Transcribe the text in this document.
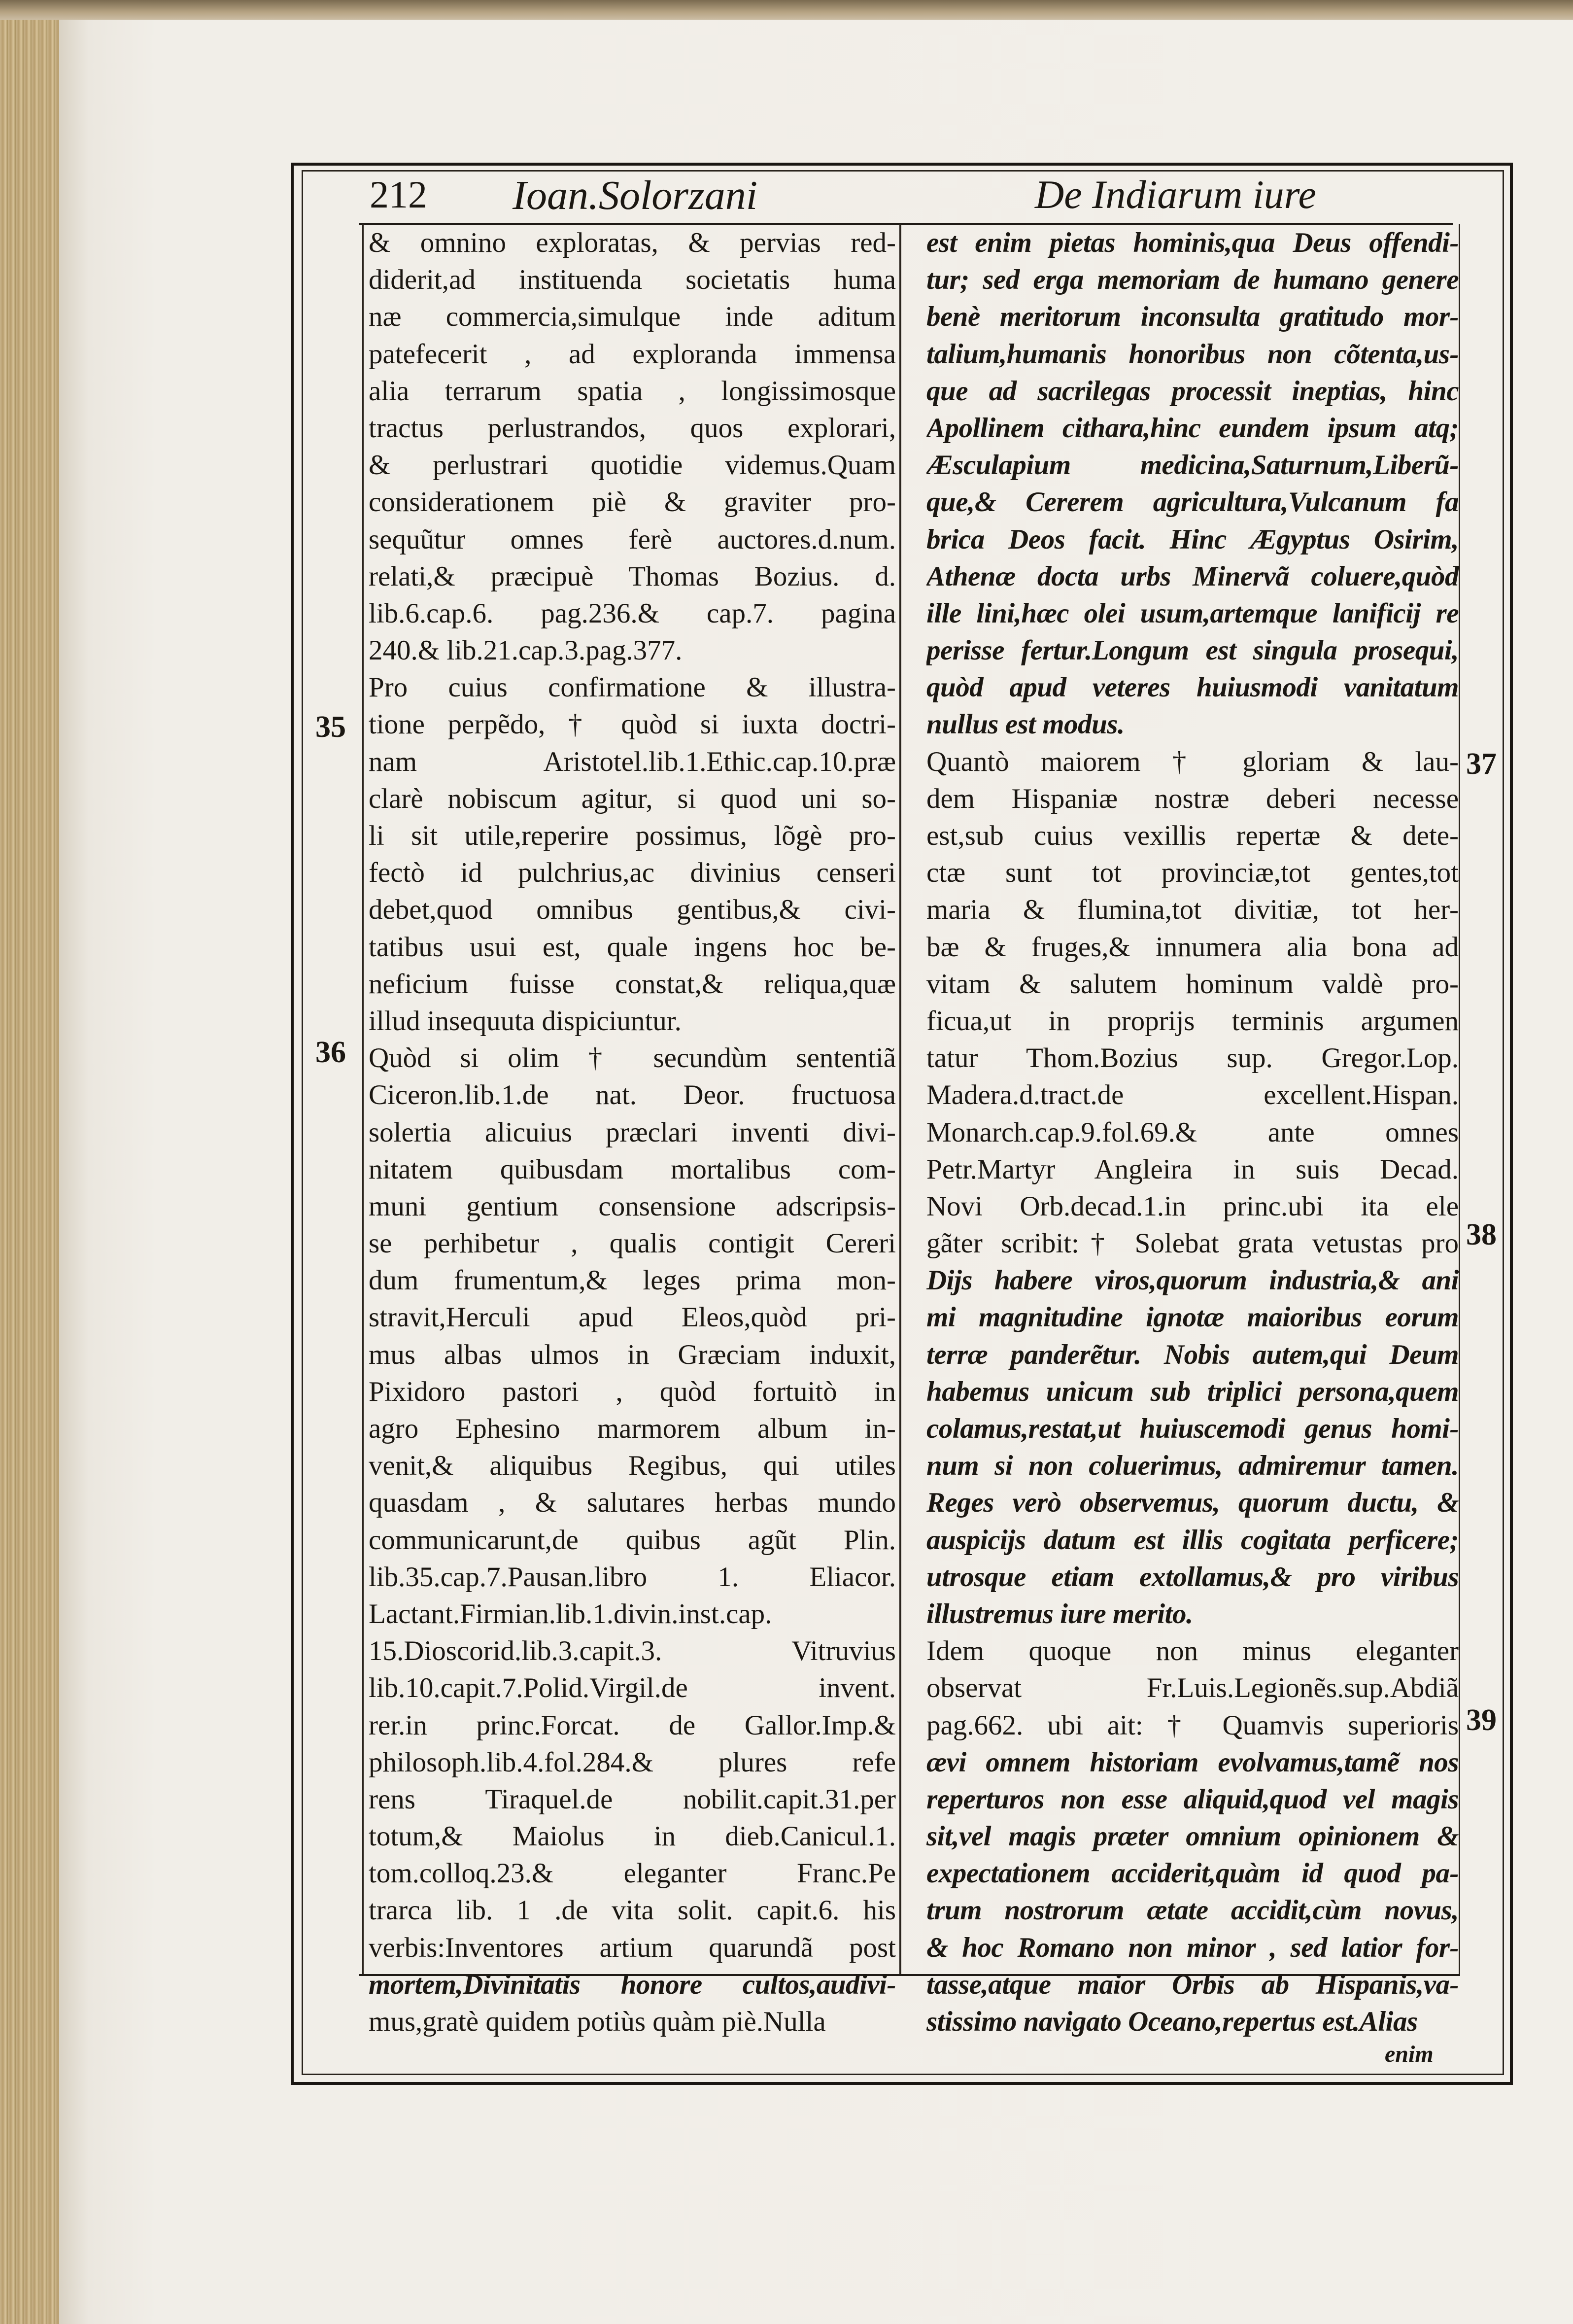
212 Ioan.Solorzani	De Indiarum iure
& omnino exploratas, & pervias red-
diderit,ad instituenda societatis huma
næ commercia,simulque inde aditum
patefecerit , ad exploranda immensa
alia terrarum spatia , longissimosque
tractus perlustrandos, quos explorari,
& perlustrari quotidie videmus.Quam
considerationem piè & graviter pro-
sequũtur omnes ferè auctores.d.num.
relati,& præcipuè Thomas Bozius. d.
lib.6.cap.6. pag.236.& cap.7. pagina
240.& lib.21.cap.3.pag.377.
Pro cuius confirmatione & illustra-
tione perpẽdo, † quòd si iuxta doctri-
nam Aristotel.lib.1.Ethic.cap.10.præ
clarè nobiscum agitur, si quod uni so-
li sit utile,reperire possimus, lõgè pro-
fectò id pulchrius,ac divinius censeri
debet,quod omnibus gentibus,& civi-
tatibus usui est, quale ingens hoc be-
neficium fuisse constat,& reliqua,quæ
illud insequuta dispiciuntur.
Quòd si olim † secundùm sententiã
Ciceron.lib.1.de nat. Deor. fructuosa
solertia alicuius præclari inventi divi-
nitatem quibusdam mortalibus com-
muni gentium consensione adscripsis-
se perhibetur , qualis contigit Cereri
dum frumentum,& leges prima mon-
stravit,Herculi apud Eleos,quòd pri-
mus albas ulmos in Græciam induxit,
Pixidoro pastori , quòd fortuitò in
agro Ephesino marmorem album in-
venit,& aliquibus Regibus, qui utiles
quasdam , & salutares herbas mundo
communicarunt,de quibus agũt Plin.
lib.35.cap.7.Pausan.libro 1. Eliacor.
Lactant.Firmian.lib.1.divin.inst.cap.
15.Dioscorid.lib.3.capit.3. Vitruvius
lib.10.capit.7.Polid.Virgil.de invent.
rer.in princ.Forcat. de Gallor.Imp.&
philosoph.lib.4.fol.284.& plures refe
rens Tiraquel.de nobilit.capit.31.per
totum,& Maiolus in dieb.Canicul.1.
tom.colloq.23.& eleganter Franc.Pe
trarca lib. 1 .de vita solit. capit.6. his
verbis:Inventores artium quarundã post
mortem,Divinitatis honore cultos,audivi-
mus,gratè quidem potiùs quàm piè.Nulla
est enim pietas hominis,qua Deus offendi-
tur; sed erga memoriam de humano genere
benè meritorum inconsulta gratitudo mor-
talium,humanis honoribus non cõtenta,us-
que ad sacrilegas processit ineptias, hinc
Apollinem cithara,hinc eundem ipsum atq;
Æsculapium medicina,Saturnum,Liberũ-
que,& Cererem agricultura,Vulcanum fa
brica Deos facit. Hinc Ægyptus Osirim,
Athenæ docta urbs Minervã coluere,quòd
ille lini,hæc olei usum,artemque lanificij re
perisse fertur.Longum est singula prosequi,
quòd apud veteres huiusmodi vanitatum
nullus est modus.
Quantò maiorem † gloriam & lau-
dem Hispaniæ nostræ deberi necesse
est,sub cuius vexillis repertæ & dete-
ctæ sunt tot provinciæ,tot gentes,tot
maria & flumina,tot divitiæ, tot her-
bæ & fruges,& innumera alia bona ad
vitam & salutem hominum valdè pro-
ficua,ut in proprijs terminis argumen
tatur Thom.Bozius sup. Gregor.Lop.
Madera.d.tract.de excellent.Hispan.
Monarch.cap.9.fol.69.& ante omnes
Petr.Martyr Angleira in suis Decad.
Novi Orb.decad.1.in princ.ubi ita ele
gãter scribit:† Solebat grata vetustas pro
Dijs habere viros,quorum industria,& ani
mi magnitudine ignotæ maioribus eorum
terræ panderẽtur. Nobis autem,qui Deum
habemus unicum sub triplici persona,quem
colamus,restat,ut huiuscemodi genus homi-
num si non coluerimus, admiremur tamen.
Reges verò observemus, quorum ductu, &
auspicijs datum est illis cogitata perficere;
utrosque etiam extollamus,& pro viribus
illustremus iure merito.
Idem quoque non minus eleganter
observat Fr.Luis.Legionẽs.sup.Abdiã
pag.662. ubi ait: † Quamvis superioris
ævi omnem historiam evolvamus,tamẽ nos
reperturos non esse aliquid,quod vel magis
sit,vel magis præter omnium opinionem &
expectationem acciderit,quàm id quod pa-
trum nostrorum ætate accidit,cùm novus,
& hoc Romano non minor , sed latior for-
tasse,atque maior Orbis ab Hispanis,va-
stissimo navigato Oceano,repertus est.Alias
35
36
37
38
39
enim
